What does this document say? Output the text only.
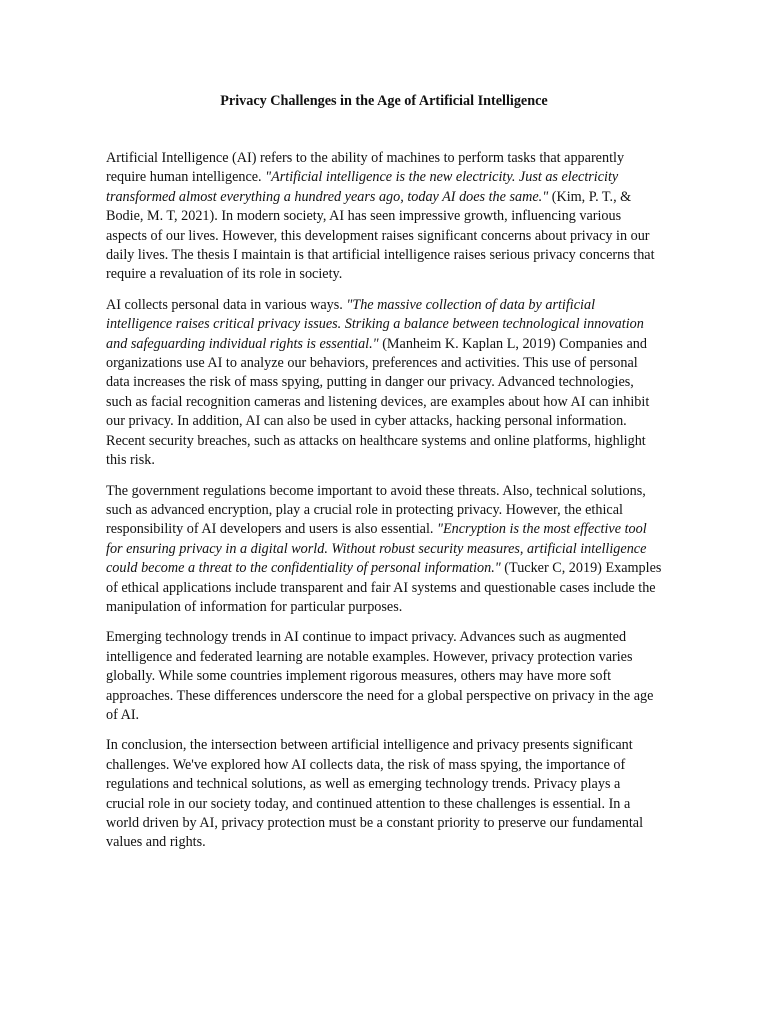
Privacy Challenges in the Age of Artificial Intelligence

Artificial Intelligence (AI) refers to the ability of machines to perform tasks that apparently require human intelligence. "Artificial intelligence is the new electricity. Just as electricity transformed almost everything a hundred years ago, today AI does the same." (Kim, P. T., & Bodie, M. T, 2021). In modern society, AI has seen impressive growth, influencing various aspects of our lives. However, this development raises significant concerns about privacy in our daily lives. The thesis I maintain is that artificial intelligence raises serious privacy concerns that require a revaluation of its role in society.

AI collects personal data in various ways. "The massive collection of data by artificial intelligence raises critical privacy issues. Striking a balance between technological innovation and safeguarding individual rights is essential." (Manheim K. Kaplan L, 2019) Companies and organizations use AI to analyze our behaviors, preferences and activities. This use of personal data increases the risk of mass spying, putting in danger our privacy. Advanced technologies, such as facial recognition cameras and listening devices, are examples about how AI can inhibit our privacy. In addition, AI can also be used in cyber attacks, hacking personal information. Recent security breaches, such as attacks on healthcare systems and online platforms, highlight this risk.

The government regulations become important to avoid these threats. Also, technical solutions, such as advanced encryption, play a crucial role in protecting privacy. However, the ethical responsibility of AI developers and users is also essential. "Encryption is the most effective tool for ensuring privacy in a digital world. Without robust security measures, artificial intelligence could become a threat to the confidentiality of personal information." (Tucker C, 2019) Examples of ethical applications include transparent and fair AI systems and questionable cases include the manipulation of information for particular purposes.

Emerging technology trends in AI continue to impact privacy. Advances such as augmented intelligence and federated learning are notable examples. However, privacy protection varies globally. While some countries implement rigorous measures, others may have more soft approaches. These differences underscore the need for a global perspective on privacy in the age of AI.

In conclusion, the intersection between artificial intelligence and privacy presents significant challenges. We've explored how AI collects data, the risk of mass spying, the importance of regulations and technical solutions, as well as emerging technology trends. Privacy plays a crucial role in our society today, and continued attention to these challenges is essential. In a world driven by AI, privacy protection must be a constant priority to preserve our fundamental values and rights.
